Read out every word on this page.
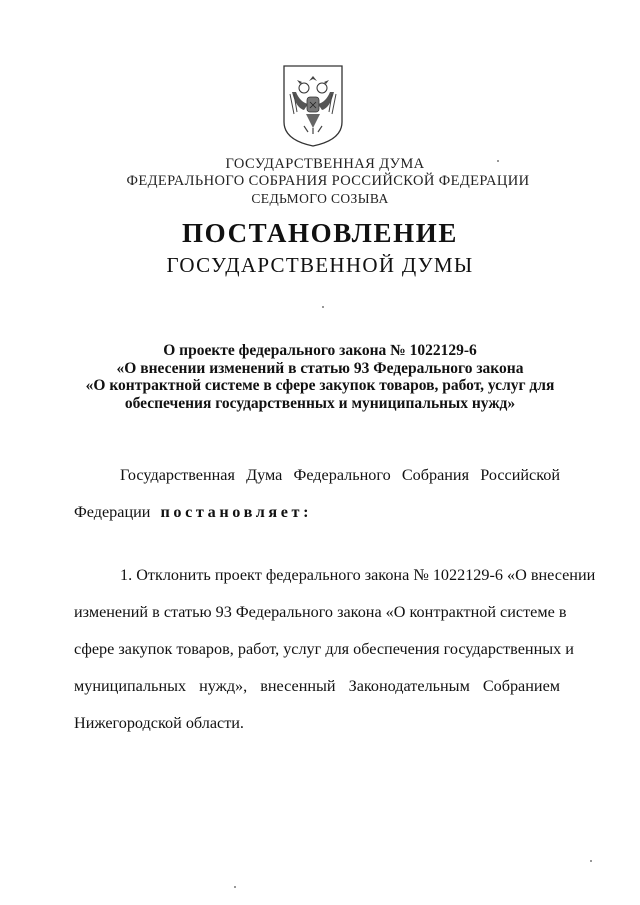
ГОСУДАРСТВЕННАЯ ДУМА
ФЕДЕРАЛЬНОГО СОБРАНИЯ РОССИЙСКОЙ ФЕДЕРАЦИИ
СЕДЬМОГО СОЗЫВА
ПОСТАНОВЛЕНИЕ
ГОСУДАРСТВЕННОЙ ДУМЫ
О проекте федерального закона № 1022129-6
«О внесении изменений в статью 93 Федерального закона
«О контрактной системе в сфере закупок товаров, работ, услуг для
обеспечения государственных и муниципальных нужд»
Государственная Дума Федерального Собрания Российской
Федерации постановляет:
1. Отклонить проект федерального закона № 1022129-6 «О внесении
изменений в статью 93 Федерального закона «О контрактной системе в
сфере закупок товаров, работ, услуг для обеспечения государственных и
муниципальных нужд», внесенный Законодательным Собранием
Нижегородской области.
